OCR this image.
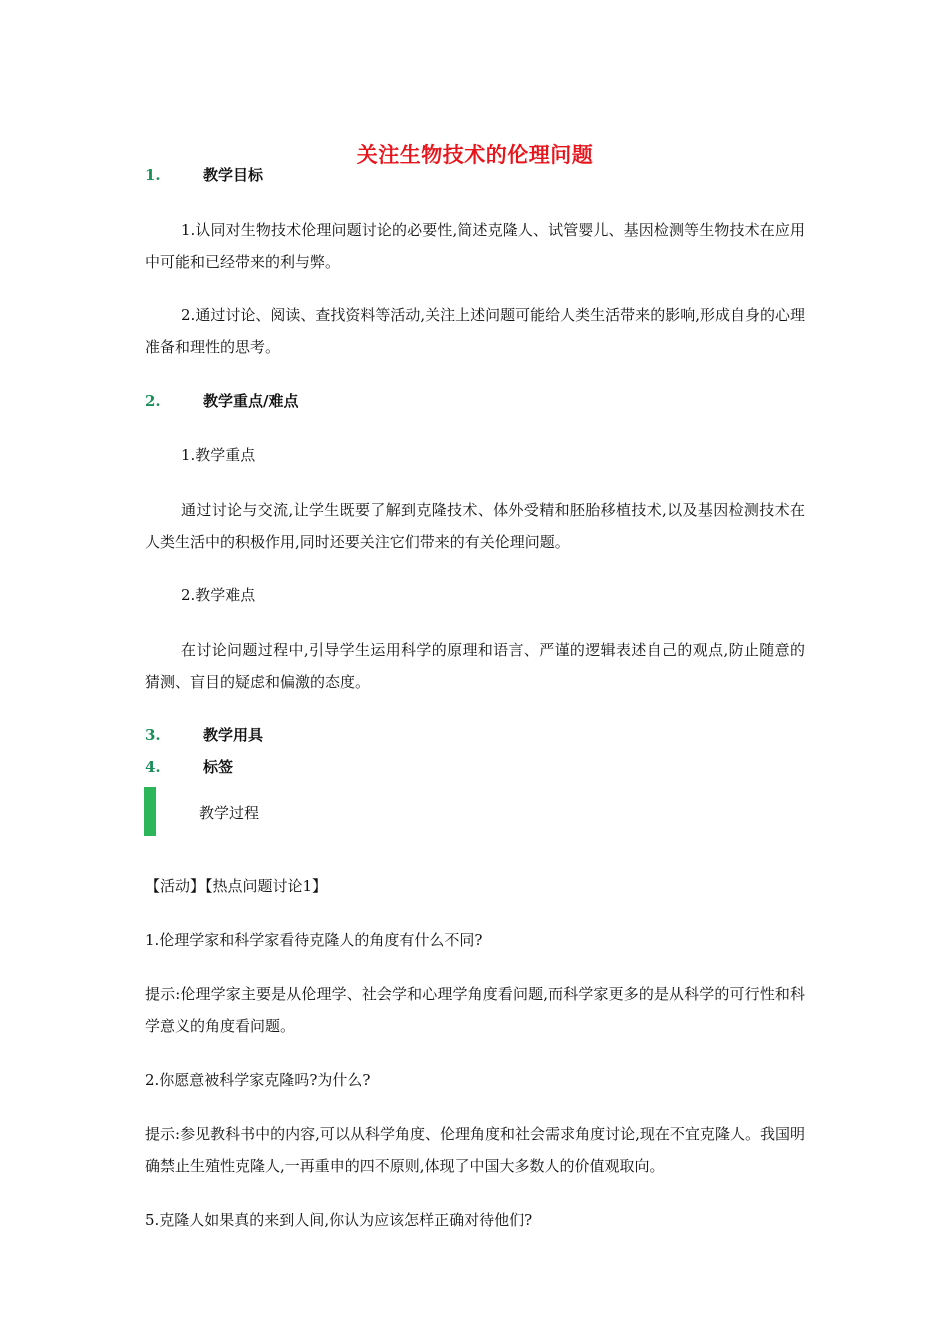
关注生物技术的伦理问题
1.	教学目标
1.认同对生物技术伦理问题讨论的必要性,简述克隆人、试管婴儿、基因检测等生物技术在应用中可能和已经带来的利与弊。
2.通过讨论、阅读、查找资料等活动,关注上述问题可能给人类生活带来的影响,形成自身的心理准备和理性的思考。
2.	教学重点/难点
1.教学重点
通过讨论与交流,让学生既要了解到克隆技术、体外受精和胚胎移植技术,以及基因检测技术在人类生活中的积极作用,同时还要关注它们带来的有关伦理问题。
2.教学难点
在讨论问题过程中,引导学生运用科学的原理和语言、严谨的逻辑表述自己的观点,防止随意的猜测、盲目的疑虑和偏激的态度。
3.	教学用具
4.	标签
教学过程
【活动】【热点问题讨论1】
1.伦理学家和科学家看待克隆人的角度有什么不同?
提示:伦理学家主要是从伦理学、社会学和心理学角度看问题,而科学家更多的是从科学的可行性和科学意义的角度看问题。
2.你愿意被科学家克隆吗?为什么?
提示:参见教科书中的内容,可以从科学角度、伦理角度和社会需求角度讨论,现在不宜克隆人。我国明确禁止生殖性克隆人,一再重申的四不原则,体现了中国大多数人的价值观取向。
5.克隆人如果真的来到人间,你认为应该怎样正确对待他们?
